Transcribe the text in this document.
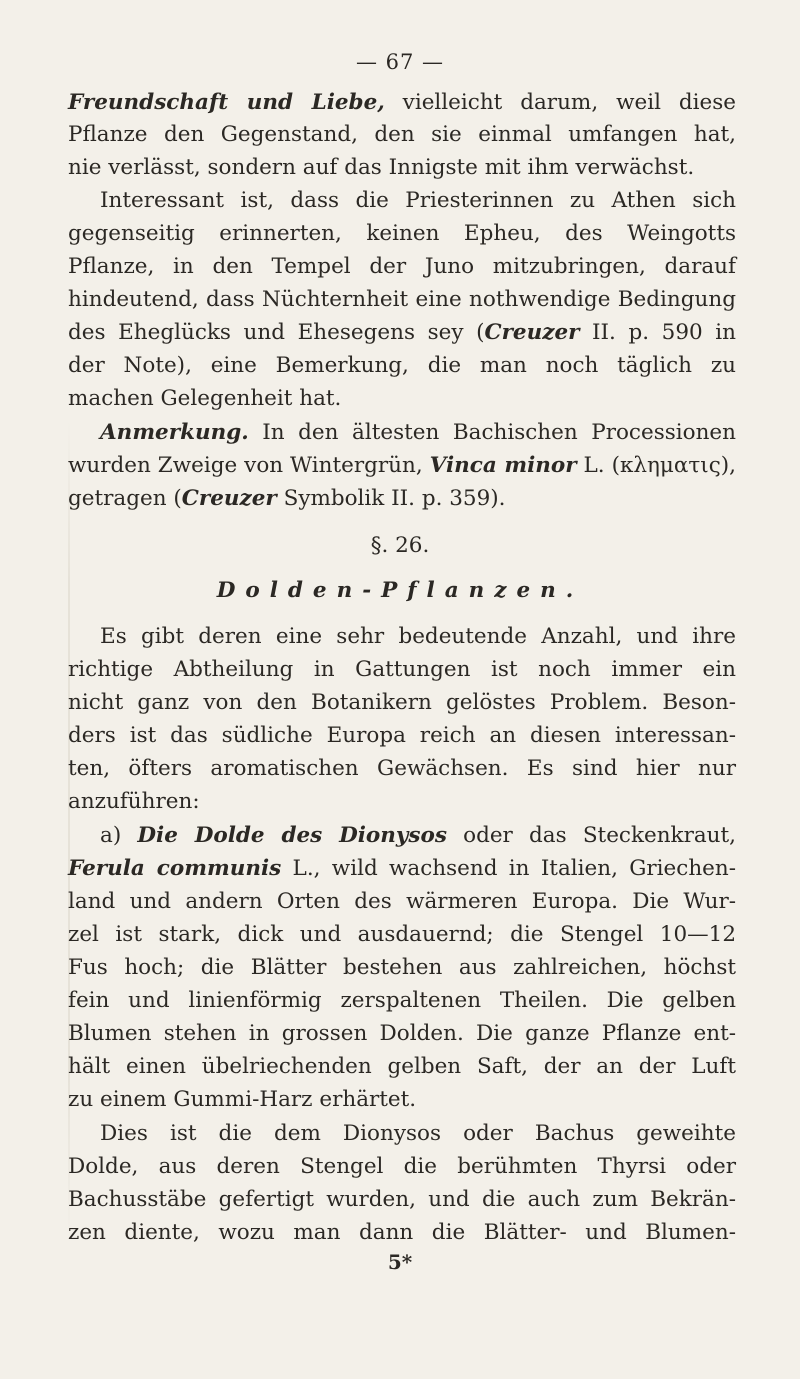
— 67 —
Freundschaft und Liebe, vielleicht darum, weil diese
Pflanze den Gegenstand, den sie einmal umfangen hat,
nie verlässt, sondern auf das Innigste mit ihm verwächst.
Interessant ist, dass die Priesterinnen zu Athen sich
gegenseitig erinnerten, keinen Epheu, des Weingotts
Pflanze, in den Tempel der Juno mitzubringen, darauf
hindeutend, dass Nüchternheit eine nothwendige Bedingung
des Eheglücks und Ehesegens sey (Creuzer II. p. 590 in
der Note), eine Bemerkung, die man noch täglich zu
machen Gelegenheit hat.
Anmerkung. In den ältesten Bachischen Processionen
wurden Zweige von Wintergrün, Vinca minor L. (κληματις),
getragen (Creuzer Symbolik II. p. 359).
§. 26.
Dolden-Pflanzen.
Es gibt deren eine sehr bedeutende Anzahl, und ihre
richtige Abtheilung in Gattungen ist noch immer ein
nicht ganz von den Botanikern gelöstes Problem. Beson-
ders ist das südliche Europa reich an diesen interessan-
ten, öfters aromatischen Gewächsen. Es sind hier nur
anzuführen:
a) Die Dolde des Dionysos oder das Steckenkraut,
Ferula communis L., wild wachsend in Italien, Griechen-
land und andern Orten des wärmeren Europa. Die Wur-
zel ist stark, dick und ausdauernd; die Stengel 10—12
Fus hoch; die Blätter bestehen aus zahlreichen, höchst
fein und linienförmig zerspaltenen Theilen. Die gelben
Blumen stehen in grossen Dolden. Die ganze Pflanze ent-
hält einen übelriechenden gelben Saft, der an der Luft
zu einem Gummi-Harz erhärtet.
Dies ist die dem Dionysos oder Bachus geweihte
Dolde, aus deren Stengel die berühmten Thyrsi oder
Bachusstäbe gefertigt wurden, und die auch zum Bekrän-
zen diente, wozu man dann die Blätter- und Blumen-
5*
